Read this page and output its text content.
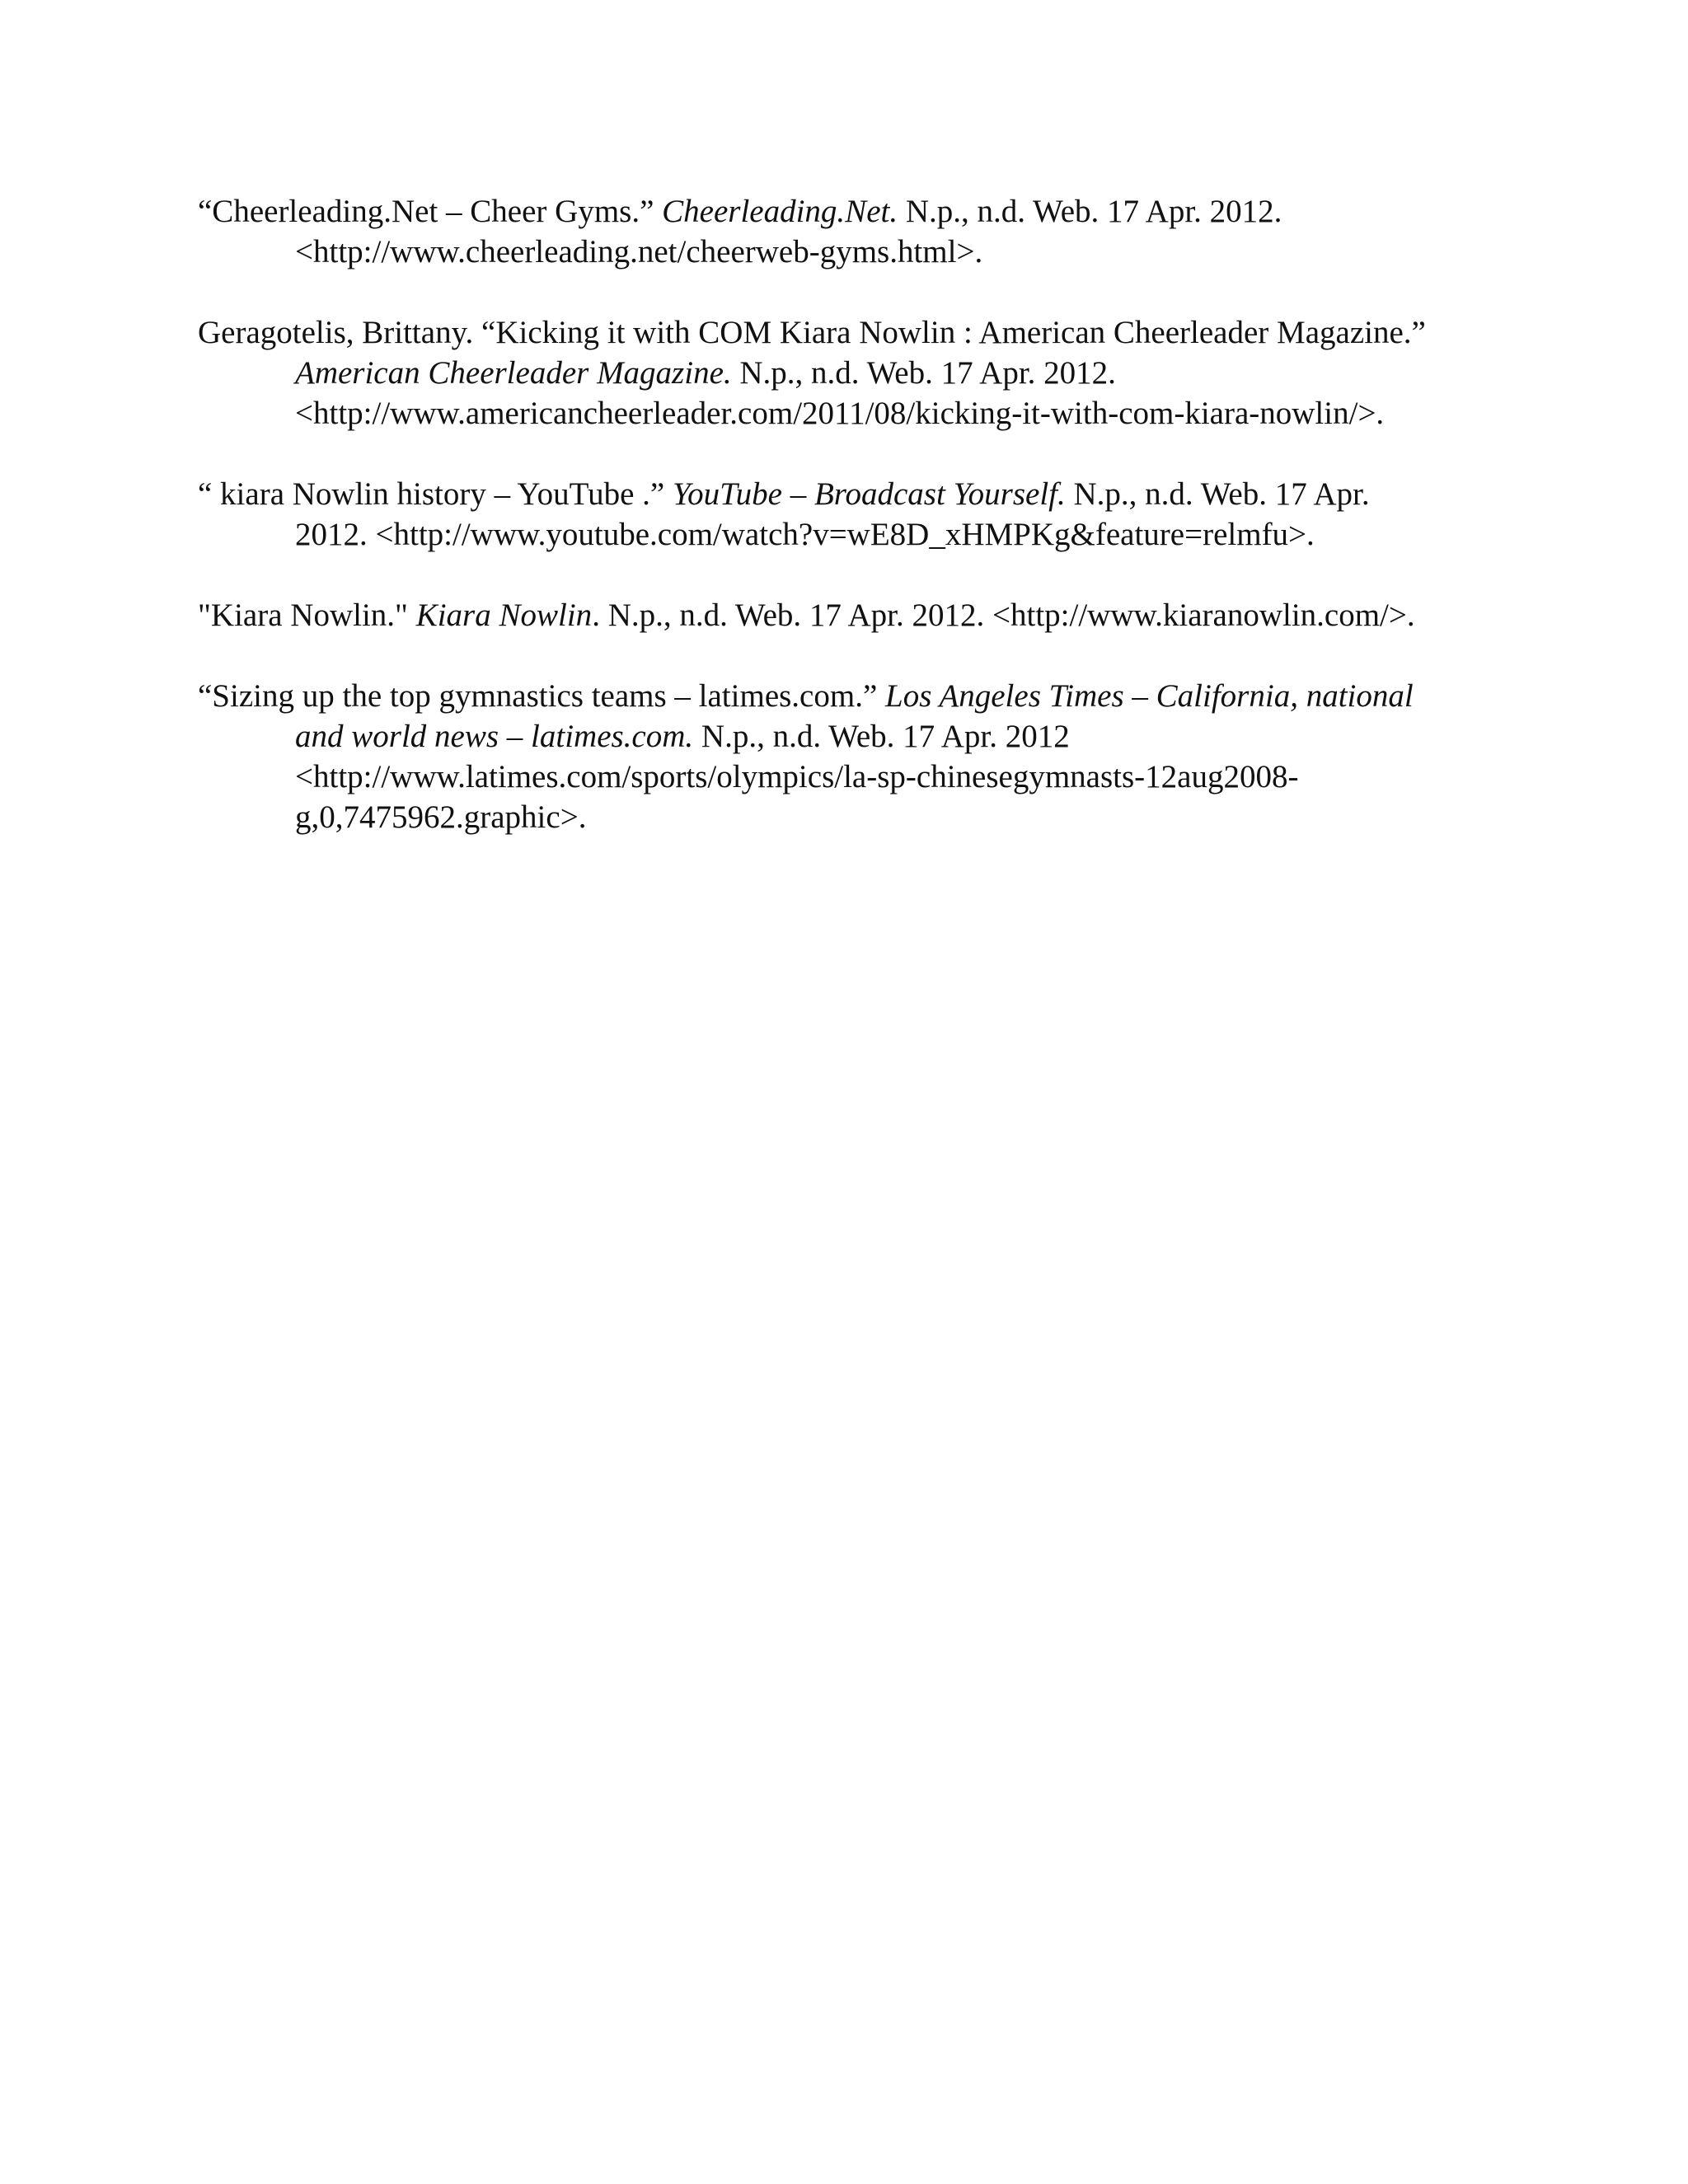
“Cheerleading.Net – Cheer Gyms.” Cheerleading.Net. N.p., n.d. Web. 17 Apr. 2012.
<http://www.cheerleading.net/cheerweb-gyms.html>.
Geragotelis, Brittany. “Kicking it with COM Kiara Nowlin : American Cheerleader Magazine.”
American Cheerleader Magazine. N.p., n.d. Web. 17 Apr. 2012.
<http://www.americancheerleader.com/2011/08/kicking-it-with-com-kiara-nowlin/>.
“ kiara Nowlin history – YouTube .” YouTube – Broadcast Yourself. N.p., n.d. Web. 17 Apr.
2012. <http://www.youtube.com/watch?v=wE8D_xHMPKg&feature=relmfu>.
"Kiara Nowlin." Kiara Nowlin. N.p., n.d. Web. 17 Apr. 2012. <http://www.kiaranowlin.com/>.
“Sizing up the top gymnastics teams – latimes.com.” Los Angeles Times – California, national
and world news – latimes.com. N.p., n.d. Web. 17 Apr. 2012
<http://www.latimes.com/sports/olympics/la-sp-chinesegymnasts-12aug2008-
g,0,7475962.graphic>.
